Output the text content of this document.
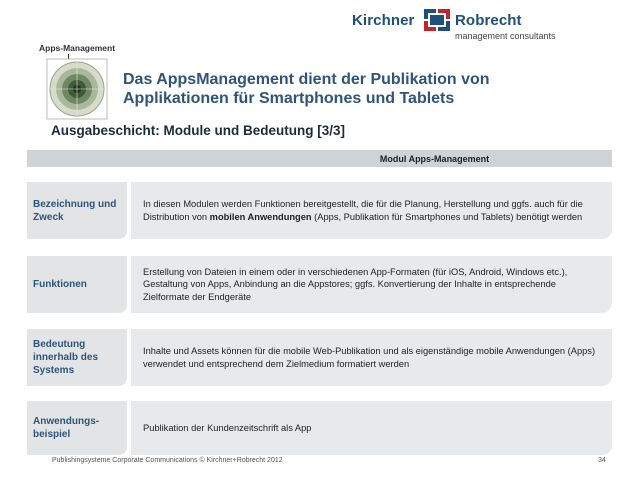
Kirchner	Robrecht
management consultants
Apps-Management
Das AppsManagement dient der Publikation von
Applikationen für Smartphones und Tablets
Ausgabeschicht: Module und Bedeutung [3/3]
Modul Apps-Management
Bezeichnung und Zweck
In diesen Modulen werden Funktionen bereitgestellt, die für die Planung, Herstellung und ggfs. auch für die Distribution von mobilen Anwendungen (Apps, Publikation für Smartphones und Tablets) benötigt werden
Funktionen
Erstellung von Dateien in einem oder in verschiedenen App-Formaten (für iOS, Android, Windows etc.), Gestaltung von Apps, Anbindung an die Appstores; ggfs. Konvertierung der Inhalte in entsprechende Zielformate der Endgeräte
Bedeutung innerhalb des Systems
Inhalte und Assets können für die mobile Web-Publikation und als eigenständige mobile Anwendungen (Apps) verwendet und entsprechend dem Zielmedium formatiert werden
Anwendungs-beispiel
Publikation der Kundenzeitschrift als App
Publishingsysteme Corporate Communications © Kirchner+Robrecht 2012	34
